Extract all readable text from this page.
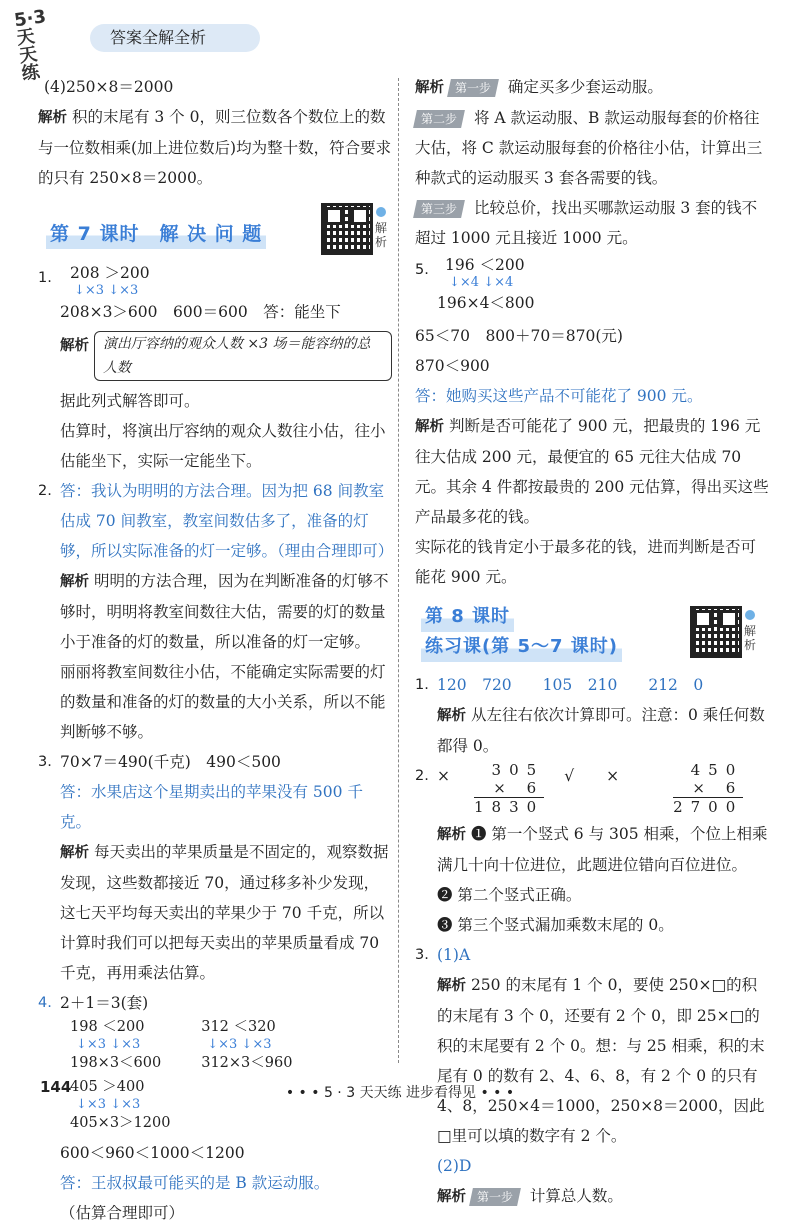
5·3天天练
答案全解全析

(4)250×8＝2000

解析 积的末尾有 3 个 0，则三位数各个数位上的数与一位数相乘(加上进位数后)均为整十数，符合要求的只有 250×8＝2000。

第 7 课时　解 决 问 题	解析
1. 208 ＞200

↓×3 ↓×3

208×3＞600　600＝600　答：能坐下

解析 演出厅容纳的观众人数 ×3 场＝能容纳的总人数

据此列式解答即可。

估算时，将演出厅容纳的观众人数往小估，往小估能坐下，实际一定能坐下。

2. 答：我认为明明的方法合理。因为把 68 间教室估成 70 间教室，教室间数估多了，准备的灯够，所以实际准备的灯一定够。（理由合理即可）

解析 明明的方法合理，因为在判断准备的灯够不够时，明明将教室间数往大估，需要的灯的数量小于准备的灯的数量，所以准备的灯一定够。

丽丽将教室间数往小估，不能确定实际需要的灯的数量和准备的灯的数量的大小关系，所以不能判断够不够。

3. 70×7＝490(千克)　490＜500

答：水果店这个星期卖出的苹果没有 500 千克。

解析 每天卖出的苹果质量是不固定的，观察数据发现，这些数都接近 70，通过移多补少发现，这七天平均每天卖出的苹果少于 70 千克，所以计算时我们可以把每天卖出的苹果质量看成 70 千克，再用乘法估算。

4. 2＋1＝3(套)

198 ＜200

↓×3 ↓×3

198×3＜600

312 ＜320

↓×3 ↓×3

312×3＜960

405 ＞400

↓×3 ↓×3

405×3＞1200

600＜960＜1000＜1200

答：王叔叔最可能买的是 B 款运动服。

（估算合理即可）

解析 第一步 确定买多少套运动服。

第二步 将 A 款运动服、B 款运动服每套的价格往大估，将 C 款运动服每套的价格往小估，计算出三种款式的运动服买 3 套各需要的钱。

第三步 比较总价，找出买哪款运动服 3 套的钱不超过 1000 元且接近 1000 元。

5. 196 ＜200

↓×4 ↓×4

196×4＜800

65＜70　800＋70＝870(元)

870＜900

答：她购买这些产品不可能花了 900 元。

解析 判断是否可能花了 900 元，把最贵的 196 元往大估成 200 元，最便宜的 65 元往大估成 70 元。其余 4 件都按最贵的 200 元估算，得出买这些产品最多花的钱。

实际花的钱肯定小于最多花的钱，进而判断是否可能花 900 元。

第 8 课时
练习课(第 5～7 课时)
解析
1. 120　720　　105　210　　212　0

解析 从左往右依次计算即可。注意：0 乘任何数都得 0。

2. ×	305
× 6
1830
√ ×	450
× 6
2700

解析 ❶ 第一个竖式 6 与 305 相乘，个位上相乘满几十向十位进位，此题进位错向百位进位。

❷ 第二个竖式正确。

❸ 第三个竖式漏加乘数末尾的 0。

3. (1)A

解析 250 的末尾有 1 个 0，要使 250×□的积的末尾有 3 个 0，还要有 2 个 0，即 25×□的积的末尾要有 2 个 0。想：与 25 相乘，积的末尾有 0 的数有 2、4、6、8，有 2 个 0 的只有 4、8，250×4＝1000，250×8＝2000，因此□里可以填的数字有 2 个。

(2)D

解析 第一步 计算总人数。

144	• • • 5 · 3 天天练 进步看得见 • • •
